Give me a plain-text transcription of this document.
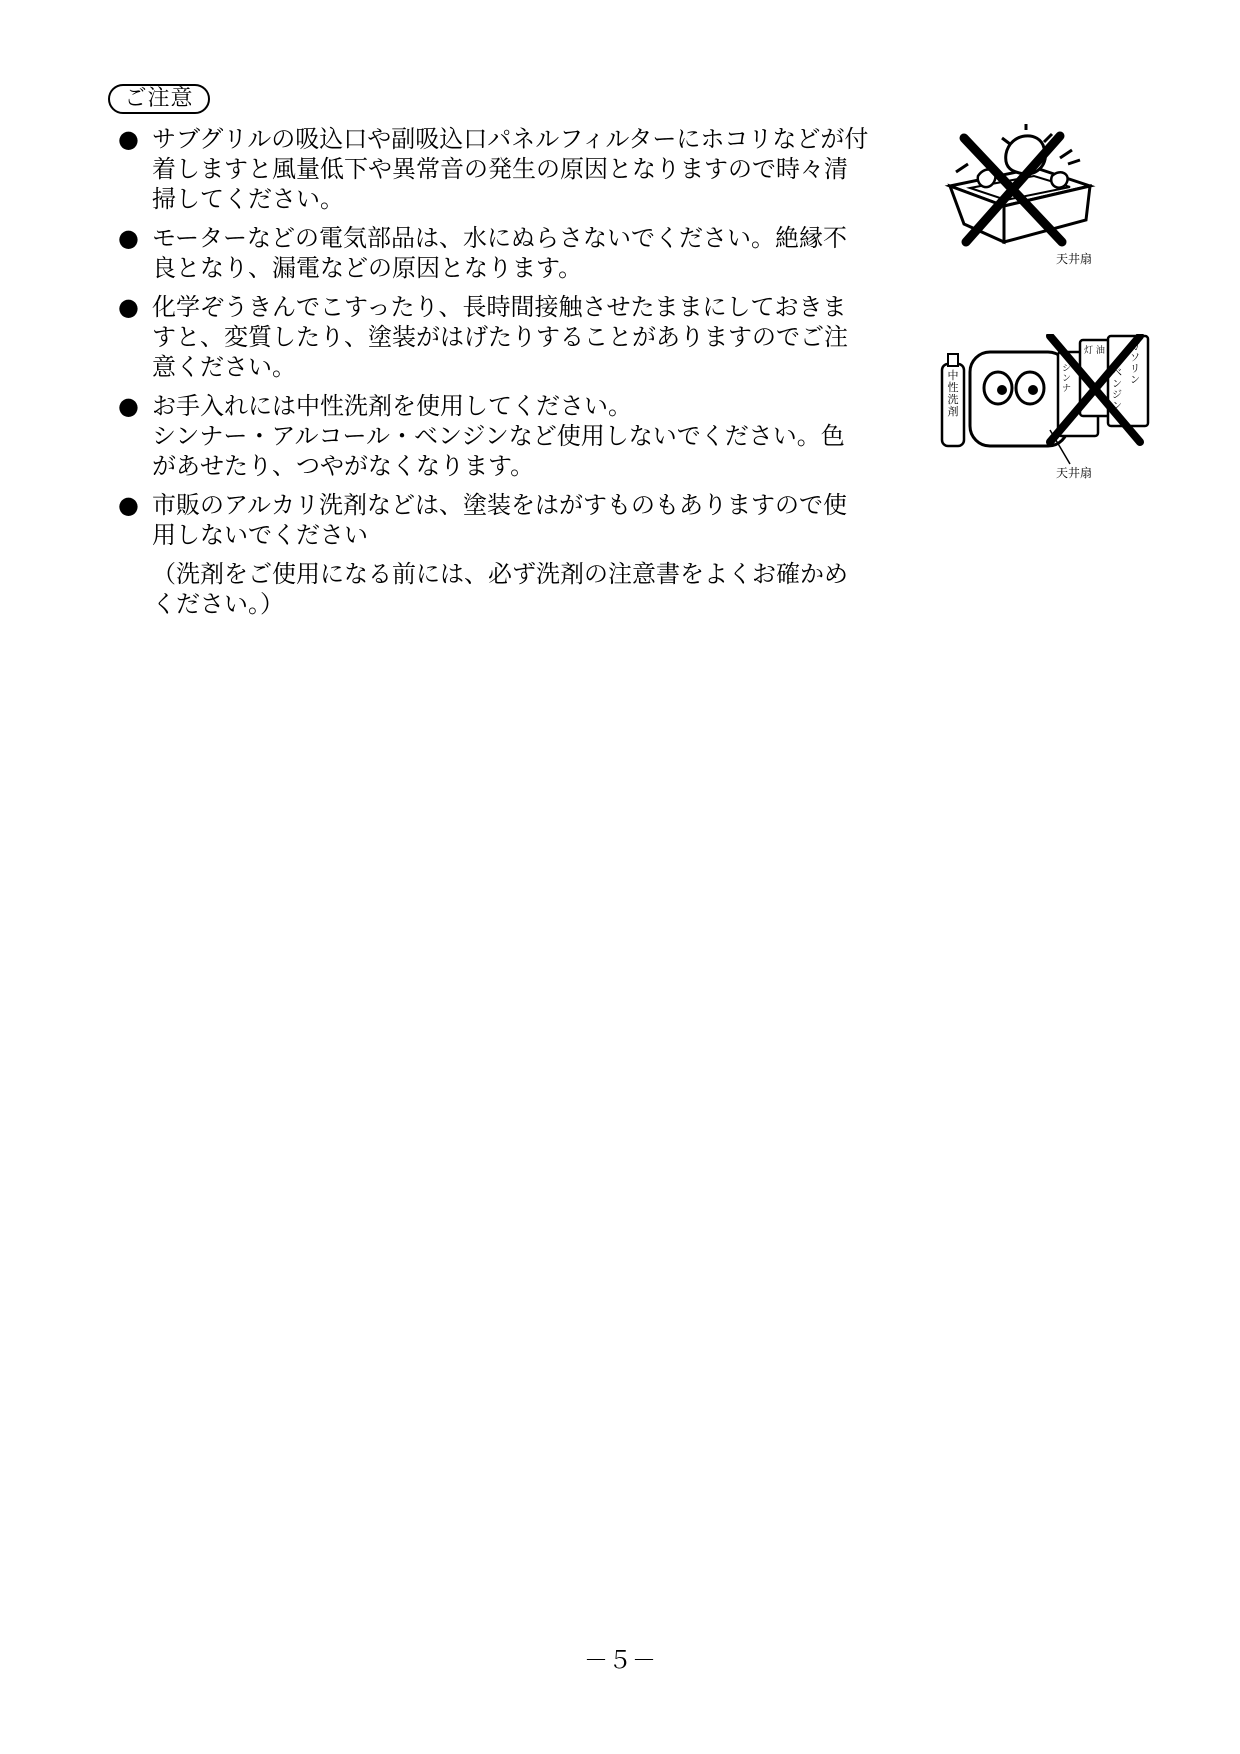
ご注意
● サブグリルの吸込口や副吸込口パネルフィルターにホコリなどが付
着しますと風量低下や異常音の発生の原因となりますので時々清
掃してください。
● モーターなどの電気部品は、水にぬらさないでください。絶縁不
良となり、漏電などの原因となります。
● 化学ぞうきんでこすったり、長時間接触させたままにしておきま
すと、変質したり、塗装がはげたりすることがありますのでご注
意ください。
● お手入れには中性洗剤を使用してください。
シンナー・アルコール・ベンジンなど使用しないでください。色
があせたり、つやがなくなります。
● 市販のアルカリ洗剤などは、塗装をはがすものもありますので使
用しないでください
（洗剤をご使用になる前には、必ず洗剤の注意書をよくお確かめ
ください。）
天井扇
中
性
洗
剤
灯 油	ガ
ソ
リ
ン
ベ
ン
ジ
ン
シ
ン
ナ
天井扇
－５－
